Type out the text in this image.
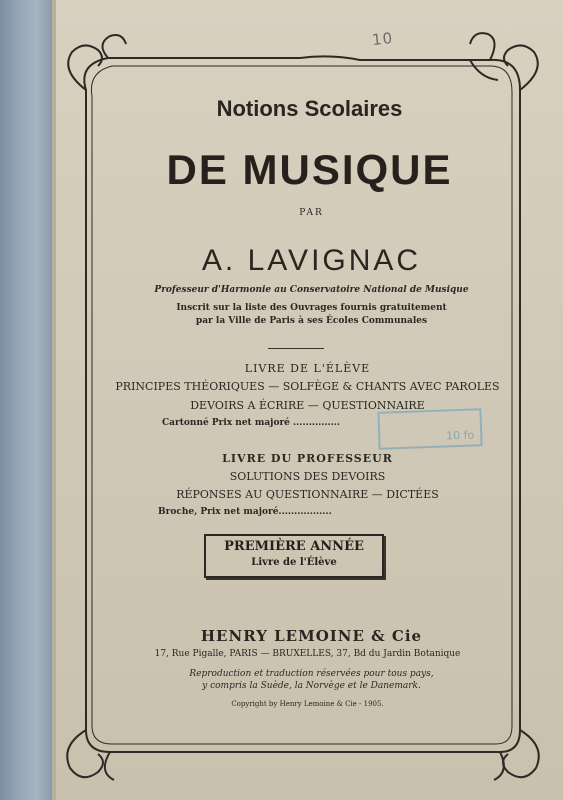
10
Notions Scolaires
DE MUSIQUE
PAR
A. LAVIGNAC
Professeur d'Harmonie au Conservatoire National de Musique
Inscrit sur la liste des Ouvrages fournis gratuitement
par la Ville de Paris à ses Écoles Communales
LIVRE DE L'ÉLÈVE
PRINCIPES THÉORIQUES — SOLFÈGE & CHANTS AVEC PAROLES
DEVOIRS A ÉCRIRE — QUESTIONNAIRE
Cartonné Prix net majoré ...............
10 fo
LIVRE DU PROFESSEUR
SOLUTIONS DES DEVOIRS
RÉPONSES AU QUESTIONNAIRE — DICTÉES
Broche, Prix net majoré.................
PREMIÈRE ANNÉE
Livre de l'Élève
HENRY LEMOINE & Cie
17, Rue Pigalle, PARIS — BRUXELLES, 37, Bd du Jardin Botanique
Reproduction et traduction réservées pour tous pays,
y compris la Suède, la Norvège et le Danemark.
Copyright by Henry Lemoine & Cie - 1905.
